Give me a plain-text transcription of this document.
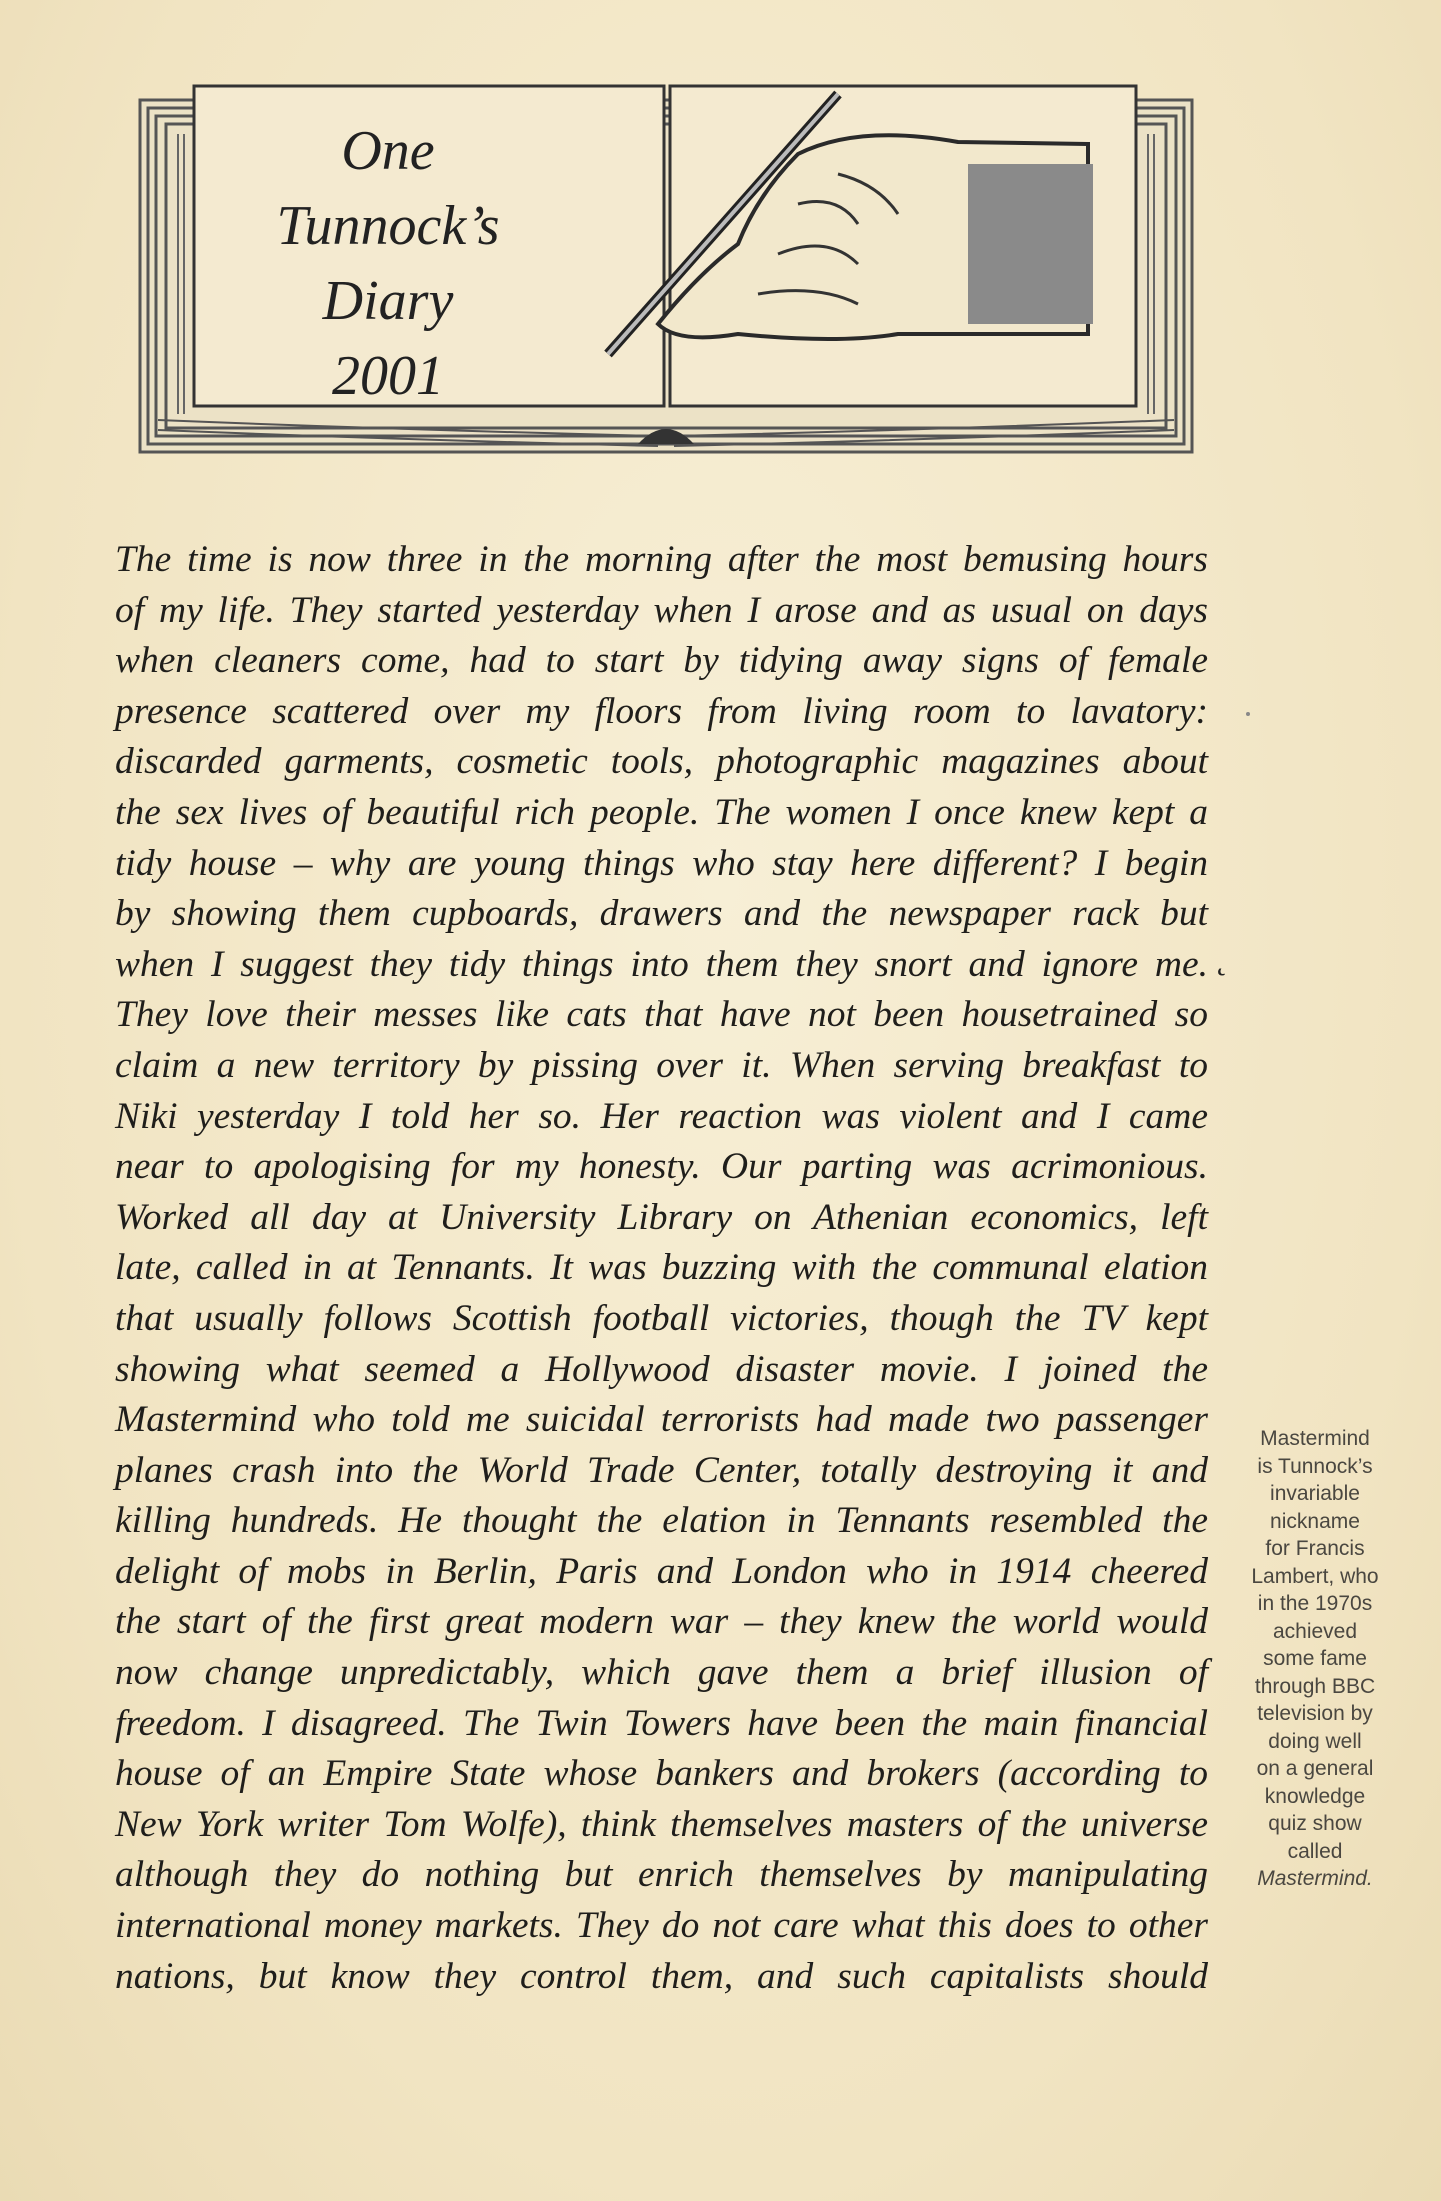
One
Tunnock’s Diary
2001
The time is now three in the morning after the most bemusing hours
of my life. They started yesterday when I arose and as usual on days
when cleaners come, had to start by tidying away signs of female
presence scattered over my floors from living room to lavatory:
discarded garments, cosmetic tools, photographic magazines about
the sex lives of beautiful rich people. The women I once knew kept a
tidy house – why are young things who stay here different? I begin
by showing them cupboards, drawers and the newspaper rack but
when I suggest they tidy things into them they snort and ignore me.
They love their messes like cats that have not been housetrained so
claim a new territory by pissing over it. When serving breakfast to
Niki yesterday I told her so. Her reaction was violent and I came
near to apologising for my honesty. Our parting was acrimonious.
Worked all day at University Library on Athenian economics, left
late, called in at Tennants. It was buzzing with the communal elation
that usually follows Scottish football victories, though the TV kept
showing what seemed a Hollywood disaster movie. I joined the
Mastermind who told me suicidal terrorists had made two passenger
planes crash into the World Trade Center, totally destroying it and
killing hundreds. He thought the elation in Tennants resembled the
delight of mobs in Berlin, Paris and London who in 1914 cheered
the start of the first great modern war – they knew the world would
now change unpredictably, which gave them a brief illusion of
freedom. I disagreed. The Twin Towers have been the main financial
house of an Empire State whose bankers and brokers (according to
New York writer Tom Wolfe), think themselves masters of the universe
although they do nothing but enrich themselves by manipulating
international money markets. They do not care what this does to other
nations, but know they control them, and such capitalists should
˛
Mastermind
is Tunnock’s
invariable
nickname
for Francis
Lambert, who
in the 1970s
achieved
some fame
through BBC
television by
doing well
on a general
knowledge
quiz show
called
Mastermind.
